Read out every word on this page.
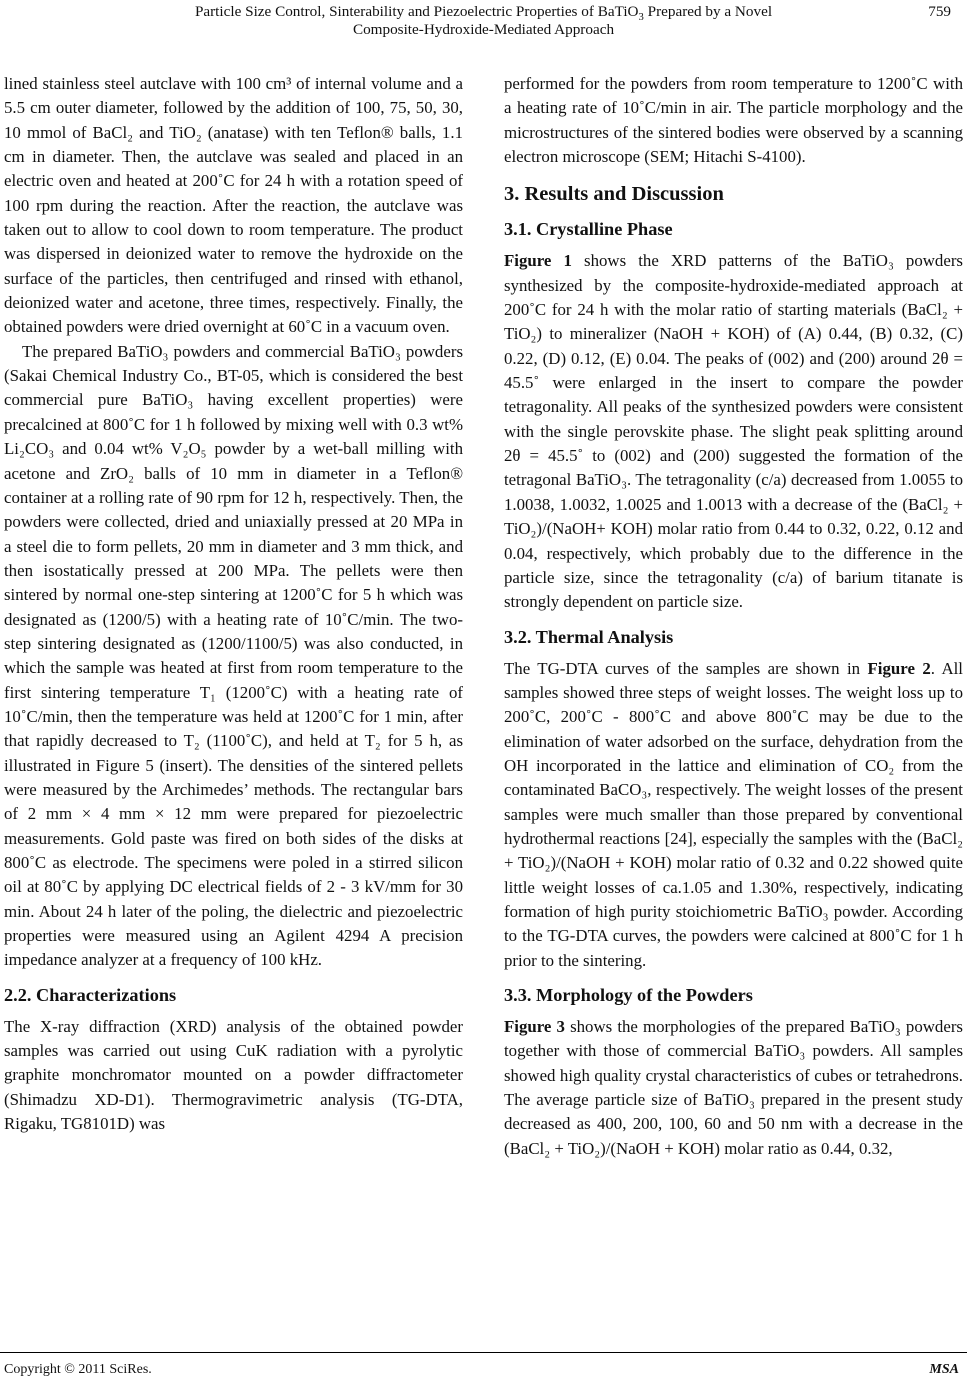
Particle Size Control, Sinterability and Piezoelectric Properties of BaTiO$_3$ Prepared by a Novel
Composite-Hydroxide-Mediated Approach
759

lined stainless steel autclave with 100 cm³ of internal volume and a 5.5 cm outer diameter, followed by the addition of 100, 75, 50, 30, 10 mmol of BaCl₂ and TiO₂ (anatase) with ten Teflon® balls, 1.1 cm in diameter. Then, the autclave was sealed and placed in an electric oven and heated at 200˚C for 24 h with a rotation speed of 100 rpm during the reaction. After the reaction, the autclave was taken out to allow to cool down to room temperature. The product was dispersed in deionized water to remove the hydroxide on the surface of the particles, then centrifuged and rinsed with ethanol, deionized water and acetone, three times, respectively. Finally, the obtained powders were dried overnight at 60˚C in a vacuum oven.

The prepared BaTiO₃ powders and commercial BaTiO₃ powders (Sakai Chemical Industry Co., BT-05, which is considered the best commercial pure BaTiO₃ having excellent properties) were precalcined at 800˚C for 1 h followed by mixing well with 0.3 wt% Li₂CO₃ and 0.04 wt% V₂O₅ powder by a wet-ball milling with acetone and ZrO₂ balls of 10 mm in diameter in a Teflon® container at a rolling rate of 90 rpm for 12 h, respectively. Then, the powders were collected, dried and uniaxially pressed at 20 MPa in a steel die to form pellets, 20 mm in diameter and 3 mm thick, and then isostatically pressed at 200 MPa. The pellets were then sintered by normal one-step sintering at 1200˚C for 5 h which was designated as (1200/5) with a heating rate of 10˚C/min. The two-step sintering designated as (1200/1100/5) was also conducted, in which the sample was heated at first from room temperature to the first sintering temperature T₁ (1200˚C) with a heating rate of 10˚C/min, then the temperature was held at 1200˚C for 1 min, after that rapidly decreased to T₂ (1100˚C), and held at T₂ for 5 h, as illustrated in Figure 5 (insert). The densities of the sintered pellets were measured by the Archimedes’ methods. The rectangular bars of 2 mm × 4 mm × 12 mm were prepared for piezoelectric measurements. Gold paste was fired on both sides of the disks at 800˚C as electrode. The specimens were poled in a stirred silicon oil at 80˚C by applying DC electrical fields of 2 - 3 kV/mm for 30 min. About 24 h later of the poling, the dielectric and piezoelectric properties were measured using an Agilent 4294 A precision impedance analyzer at a frequency of 100 kHz.

2.2. Characterizations

The X-ray diffraction (XRD) analysis of the obtained powder samples was carried out using CuK radiation with a pyrolytic graphite monchromator mounted on a powder diffractometer (Shimadzu XD-D1). Thermogravimetric analysis (TG-DTA, Rigaku, TG8101D) was

performed for the powders from room temperature to 1200˚C with a heating rate of 10˚C/min in air. The particle morphology and the microstructures of the sintered bodies were observed by a scanning electron microscope (SEM; Hitachi S-4100).

3. Results and Discussion
3.1. Crystalline Phase

Figure 1 shows the XRD patterns of the BaTiO₃ powders synthesized by the composite-hydroxide-mediated approach at 200˚C for 24 h with the molar ratio of starting materials (BaCl₂ + TiO₂) to mineralizer (NaOH + KOH) of (A) 0.44, (B) 0.32, (C) 0.22, (D) 0.12, (E) 0.04. The peaks of (002) and (200) around 2θ = 45.5˚ were enlarged in the insert to compare the powder tetragonality. All peaks of the synthesized powders were consistent with the single perovskite phase. The slight peak splitting around 2θ = 45.5˚ to (002) and (200) suggested the formation of the tetragonal BaTiO₃. The tetragonality (c/a) decreased from 1.0055 to 1.0038, 1.0032, 1.0025 and 1.0013 with a decrease of the (BaCl₂ + TiO₂)/(NaOH+ KOH) molar ratio from 0.44 to 0.32, 0.22, 0.12 and 0.04, respectively, which probably due to the difference in the particle size, since the tetragonality (c/a) of barium titanate is strongly dependent on particle size.

3.2. Thermal Analysis

The TG-DTA curves of the samples are shown in Figure 2. All samples showed three steps of weight losses. The weight loss up to 200˚C, 200˚C - 800˚C and above 800˚C may be due to the elimination of water adsorbed on the surface, dehydration from the OH incorporated in the lattice and elimination of CO₂ from the contaminated BaCO₃, respectively. The weight losses of the present samples were much smaller than those prepared by conventional hydrothermal reactions [24], especially the samples with the (BaCl₂ + TiO₂)/(NaOH + KOH) molar ratio of 0.32 and 0.22 showed quite little weight losses of ca.1.05 and 1.30%, respectively, indicating formation of high purity stoichiometric BaTiO₃ powder. According to the TG-DTA curves, the powders were calcined at 800˚C for 1 h prior to the sintering.

3.3. Morphology of the Powders

Figure 3 shows the morphologies of the prepared BaTiO₃ powders together with those of commercial BaTiO₃ powders. All samples showed high quality crystal characteristics of cubes or tetrahedrons. The average particle size of BaTiO₃ prepared in the present study decreased as 400, 200, 100, 60 and 50 nm with a decrease in the (BaCl₂ + TiO₂)/(NaOH + KOH) molar ratio as 0.44, 0.32,

Copyright © 2011 SciRes.	MSA
